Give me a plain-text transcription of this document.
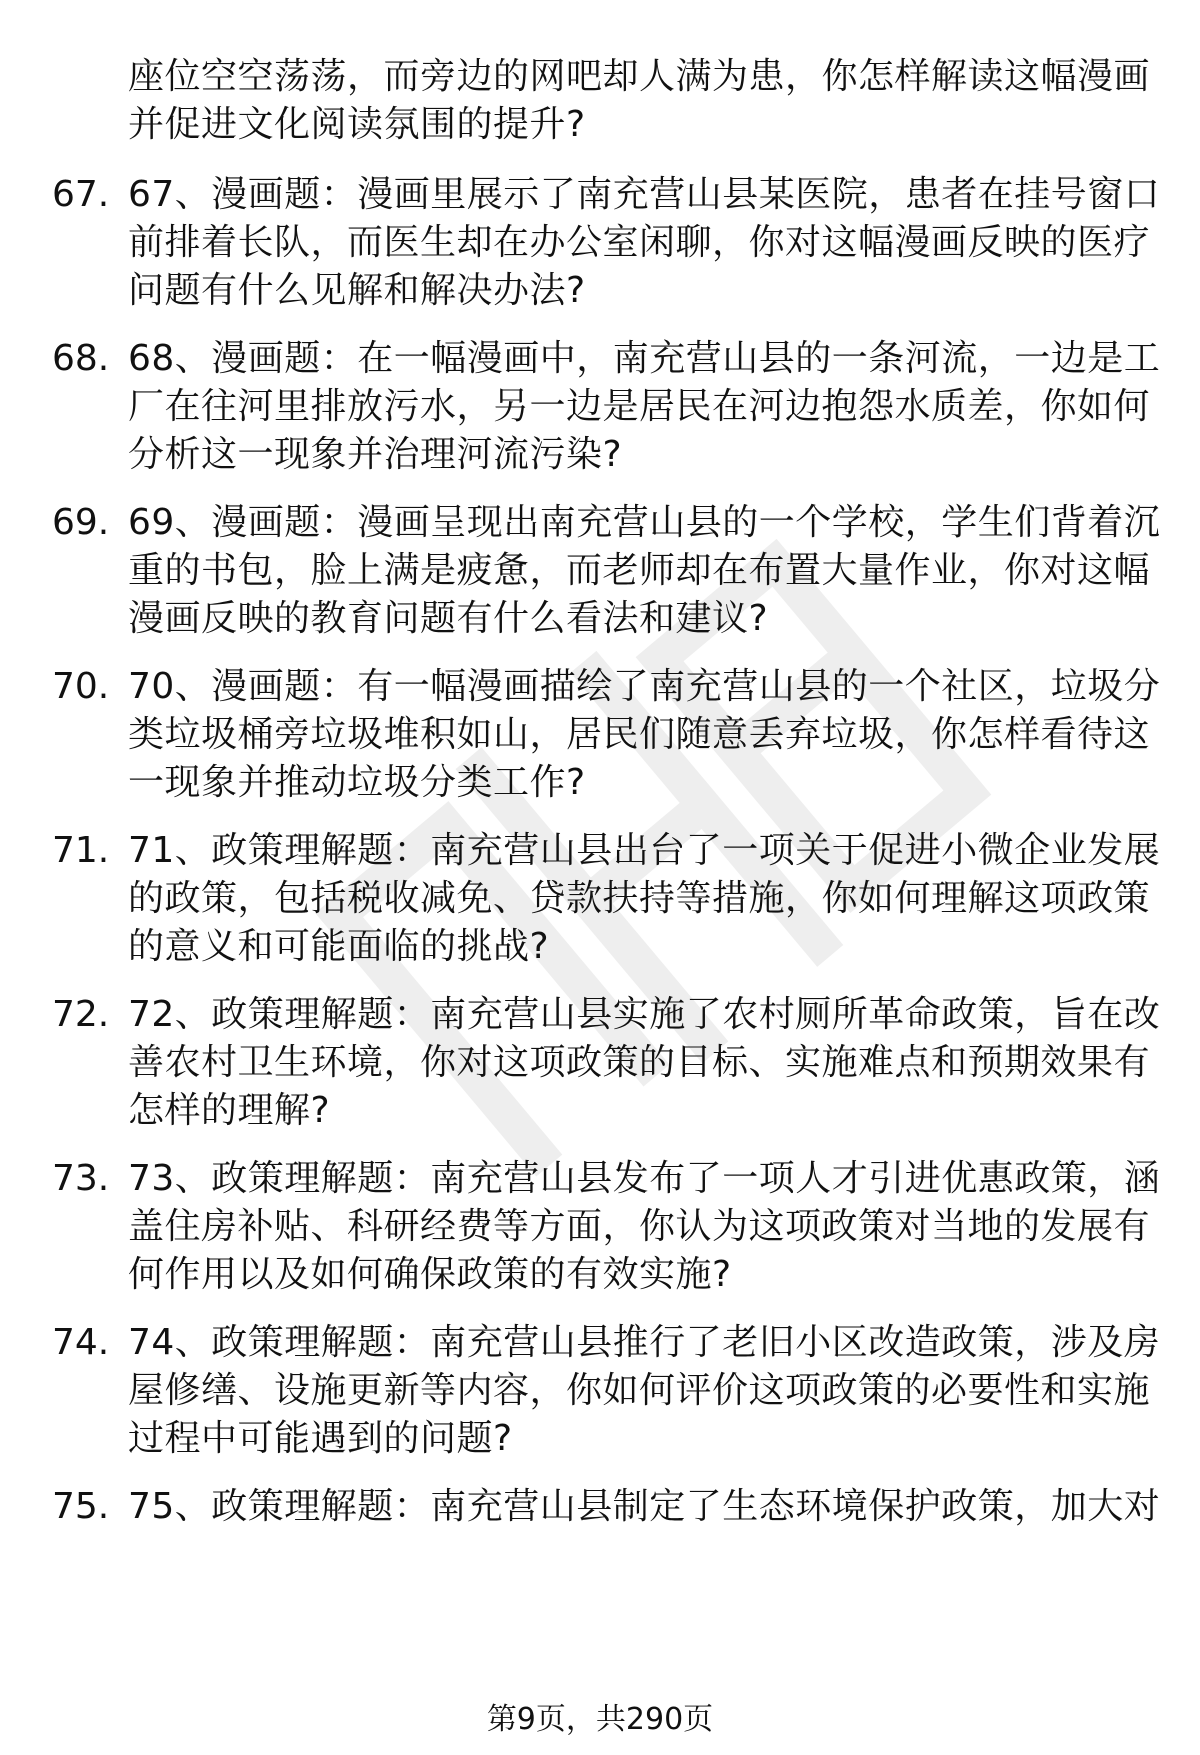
座位空空荡荡，而旁边的网吧却人满为患，你怎样解读这幅漫画
并促进文化阅读氛围的提升?
67. 67、漫画题：漫画里展示了南充营山县某医院，患者在挂号窗口
前排着长队，而医生却在办公室闲聊，你对这幅漫画反映的医疗
问题有什么见解和解决办法?
68. 68、漫画题：在一幅漫画中，南充营山县的一条河流，一边是工
厂在往河里排放污水，另一边是居民在河边抱怨水质差，你如何
分析这一现象并治理河流污染?
69. 69、漫画题：漫画呈现出南充营山县的一个学校，学生们背着沉
重的书包，脸上满是疲惫，而老师却在布置大量作业，你对这幅
漫画反映的教育问题有什么看法和建议?
70. 70、漫画题：有一幅漫画描绘了南充营山县的一个社区，垃圾分
类垃圾桶旁垃圾堆积如山，居民们随意丢弃垃圾，你怎样看待这
一现象并推动垃圾分类工作?
71. 71、政策理解题：南充营山县出台了一项关于促进小微企业发展
的政策，包括税收减免、贷款扶持等措施，你如何理解这项政策
的意义和可能面临的挑战?
72. 72、政策理解题：南充营山县实施了农村厕所革命政策，旨在改
善农村卫生环境，你对这项政策的目标、实施难点和预期效果有
怎样的理解?
73. 73、政策理解题：南充营山县发布了一项人才引进优惠政策，涵
盖住房补贴、科研经费等方面，你认为这项政策对当地的发展有
何作用以及如何确保政策的有效实施?
74. 74、政策理解题：南充营山县推行了老旧小区改造政策，涉及房
屋修缮、设施更新等内容，你如何评价这项政策的必要性和实施
过程中可能遇到的问题?
75. 75、政策理解题：南充营山县制定了生态环境保护政策，加大对
第9页，共290页
